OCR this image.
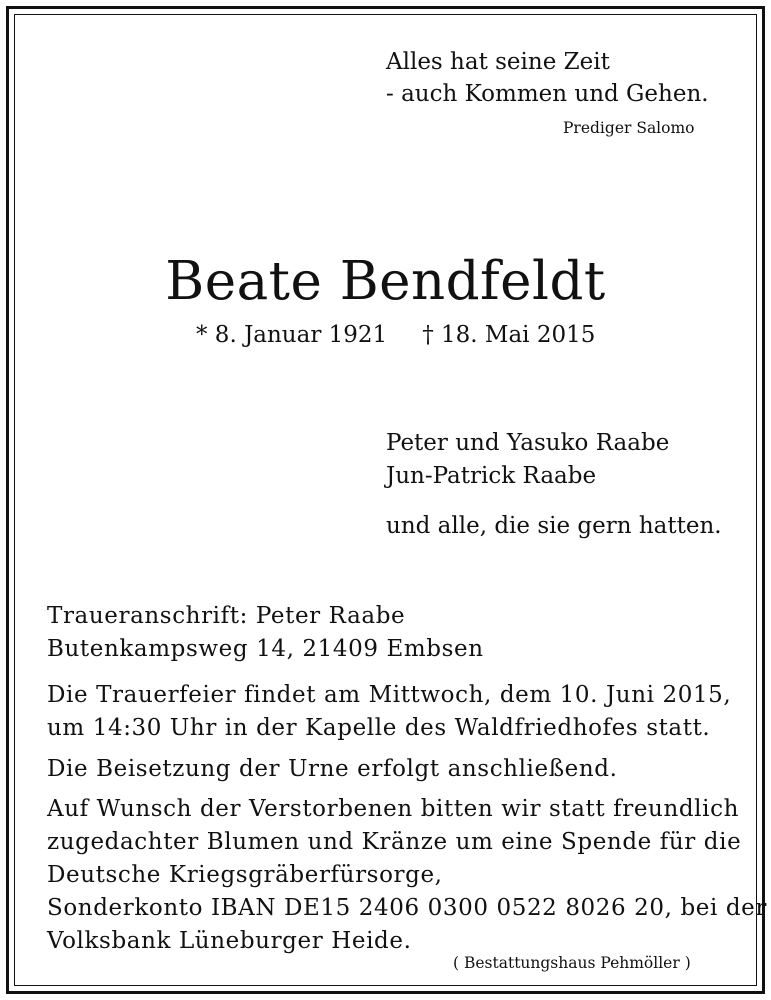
Alles hat seine Zeit
- auch Kommen und Gehen.
Prediger Salomo
Beate Bendfeldt
* 8. Januar 1921 † 18. Mai 2015
Peter und Yasuko Raabe
Jun-Patrick Raabe
und alle, die sie gern hatten.
Traueranschrift: Peter Raabe
Butenkampsweg 14, 21409 Embsen
Die Trauerfeier findet am Mittwoch, dem 10. Juni 2015,
um 14:30 Uhr in der Kapelle des Waldfriedhofes statt.
Die Beisetzung der Urne erfolgt anschließend.
Auf Wunsch der Verstorbenen bitten wir statt freundlich
zugedachter Blumen und Kränze um eine Spende für die
Deutsche Kriegsgräberfürsorge,
Sonderkonto IBAN DE15 2406 0300 0522 8026 20, bei der
Volksbank Lüneburger Heide.
( Bestattungshaus Pehmöller )
